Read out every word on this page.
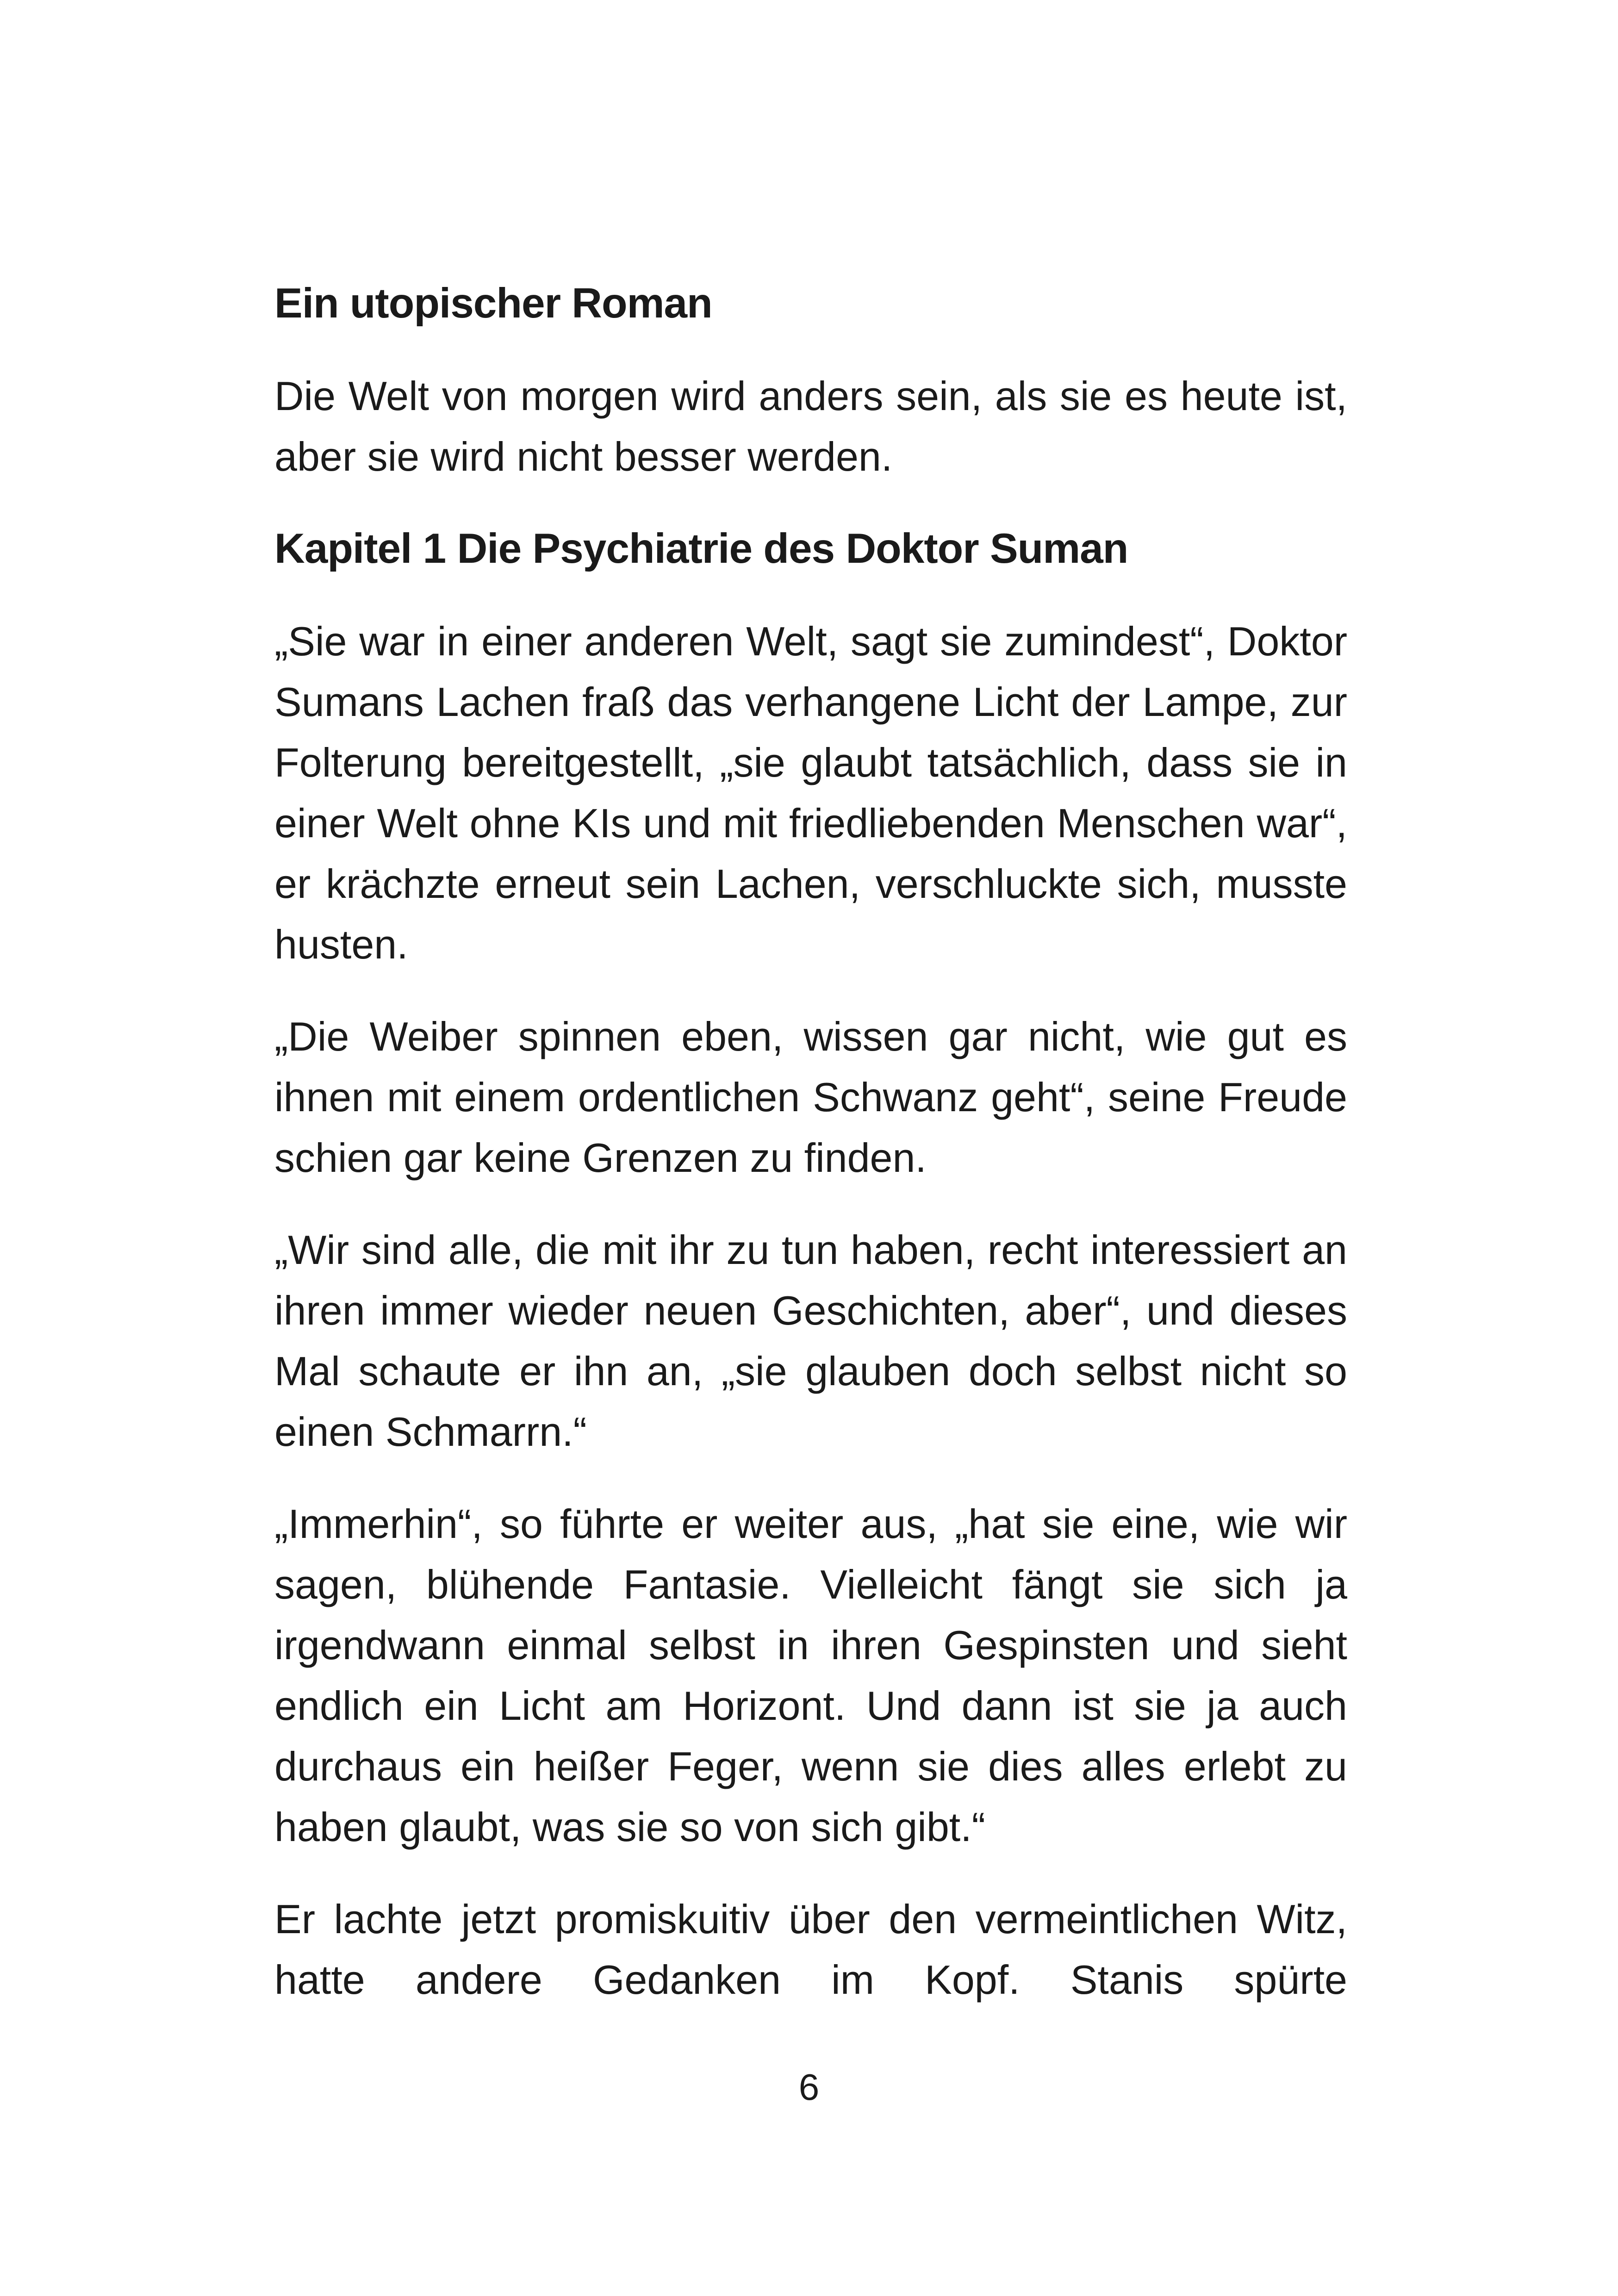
Ein utopischer Roman

Die Welt von morgen wird anders sein, als sie es heute ist, aber sie wird nicht besser werden.

Kapitel 1 Die Psychiatrie des Doktor Suman

„Sie war in einer anderen Welt, sagt sie zumindest“, Doktor Sumans Lachen fraß das verhangene Licht der Lampe, zur Folterung bereitgestellt, „sie glaubt tatsächlich, dass sie in einer Welt ohne KIs und mit friedliebenden Menschen war“, er krächzte erneut sein Lachen, verschluckte sich, musste husten.

„Die Weiber spinnen eben, wissen gar nicht, wie gut es ihnen mit einem ordentlichen Schwanz geht“, seine Freude schien gar keine Grenzen zu finden.

„Wir sind alle, die mit ihr zu tun haben, recht interessiert an ihren immer wieder neuen Geschichten, aber“, und dieses Mal schaute er ihn an, „sie glauben doch selbst nicht so einen Schmarrn.“

„Immerhin“, so führte er weiter aus, „hat sie eine, wie wir sagen, blühende Fantasie. Vielleicht fängt sie sich ja irgendwann einmal selbst in ihren Gespinsten und sieht endlich ein Licht am Horizont. Und dann ist sie ja auch durchaus ein heißer Feger, wenn sie dies alles erlebt zu haben glaubt, was sie so von sich gibt.“

Er lachte jetzt promiskuitiv über den vermeintlichen Witz, hatte andere Gedanken im Kopf. Stanis spürte

6
